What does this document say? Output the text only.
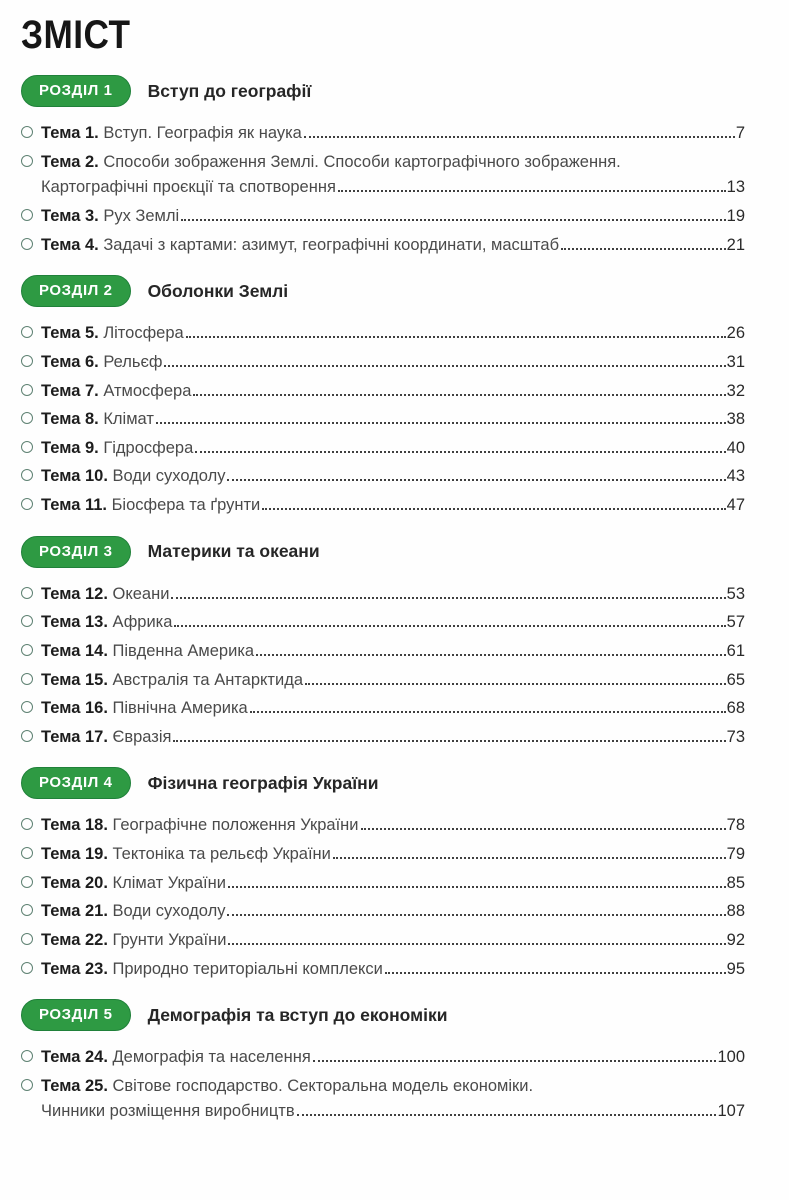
ЗМІСТ
РОЗДІЛ 1	Вступ до географії
Тема 1. Вступ. Географія як наука	7
Тема 2. Способи зображення Землі. Способи картографічного зображення.
Картографічні проєкції та спотворення	13
Тема 3. Рух Землі	19
Тема 4. Задачі з картами: азимут, географічні координати, масштаб	21
РОЗДІЛ 2	Оболонки Землі
Тема 5. Літосфера	26
Тема 6. Рельєф	31
Тема 7. Атмосфера	32
Тема 8. Клімат	38
Тема 9. Гідросфера	40
Тема 10. Води суходолу	43
Тема 11. Біосфера та ґрунти	47
РОЗДІЛ 3	Материки та океани
Тема 12. Океани	53
Тема 13. Африка	57
Тема 14. Південна Америка	61
Тема 15. Австралія та Антарктида	65
Тема 16. Північна Америка	68
Тема 17. Євразія	73
РОЗДІЛ 4	Фізична географія України
Тема 18. Географічне положення України	78
Тема 19. Тектоніка та рельєф України	79
Тема 20. Клімат України	85
Тема 21. Води суходолу	88
Тема 22. Грунти України	92
Тема 23. Природно територіальні комплекси	95
РОЗДІЛ 5	Демографія та вступ до економіки
Тема 24. Демографія та населення	100
Тема 25. Світове господарство. Секторальна модель економіки.
Чинники розміщення виробництв	107
